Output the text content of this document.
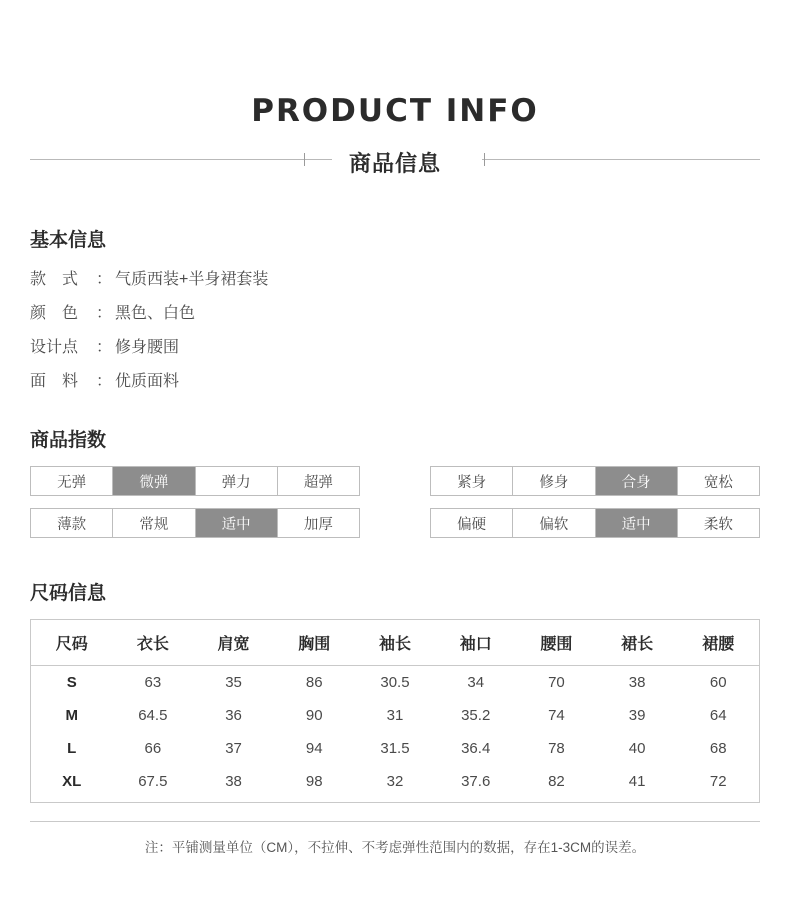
PRODUCT INFO
商品信息
基本信息
款　式	： 气质西装+半身裙套装
颜　色	： 黑色、白色
设计点	： 修身腰围
面　料	： 优质面料
商品指数
无弹	微弹	弹力	超弹	紧身	修身	合身	宽松
薄款	常规	适中	加厚	偏硬	偏软	适中	柔软
尺码信息
尺码	衣长	肩宽	胸围	袖长	袖口	腰围	裙长	裙腰
S	63	35	86	30.5	34	70	38	60
M	64.5	36	90	31	35.2	74	39	64
L	66	37	94	31.5	36.4	78	40	68
XL	67.5	38	98	32	37.6	82	41	72
注：平铺测量单位（CM），不拉伸、不考虑弹性范围内的数据，存在1-3CM的误差。
